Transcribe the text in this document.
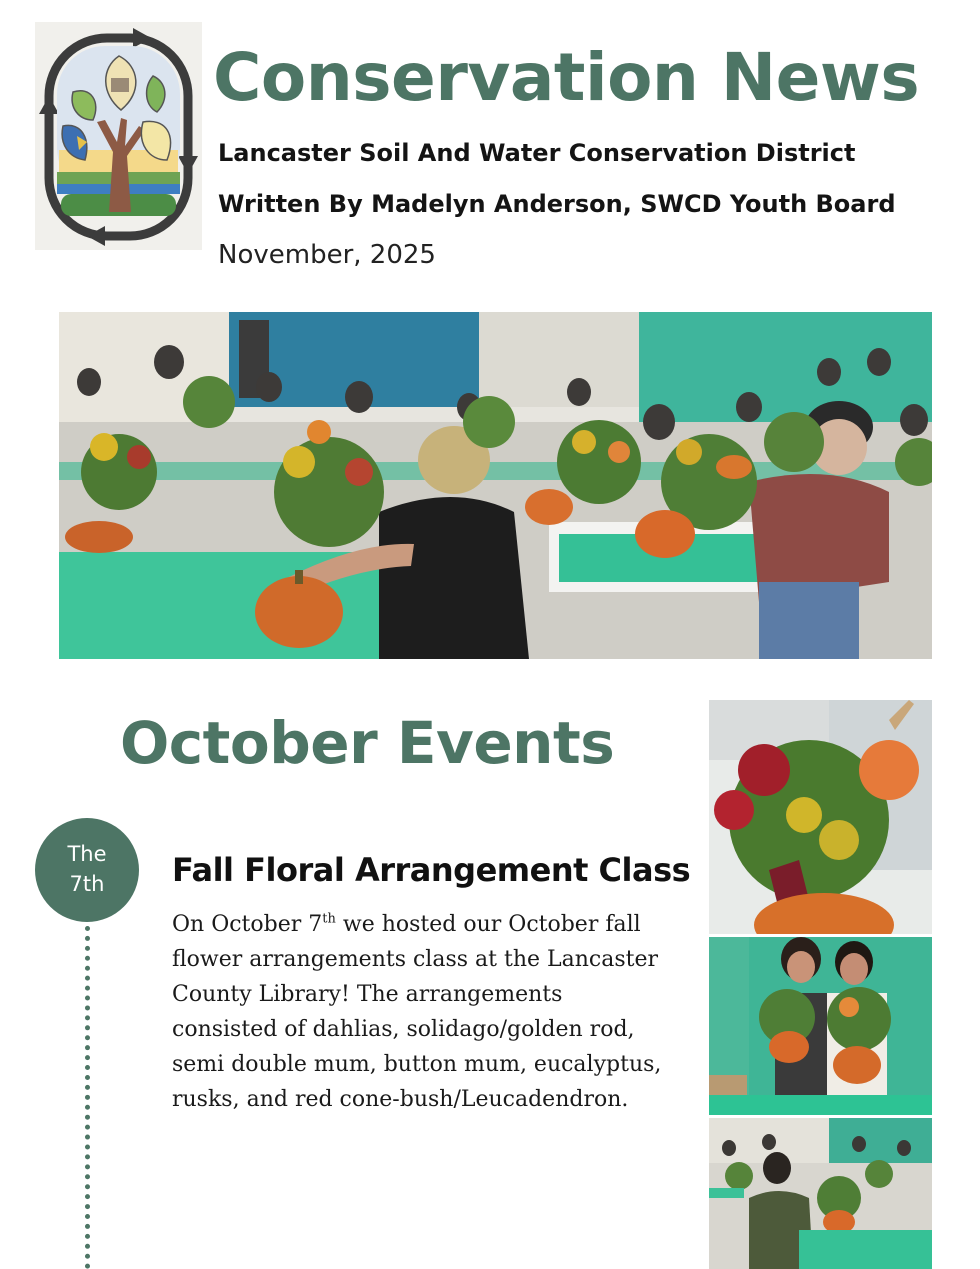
Conservation News

Lancaster Soil And Water Conservation District

Written By Madelyn Anderson, SWCD Youth Board

November, 2025

October Events
The
7th	Fall Floral Arrangement Class

On October 7th we hosted our October fall flower arrangements class at the Lancaster County Library! The arrangements consisted of dahlias, solidago/golden rod, semi double mum, button mum, eucalyptus, rusks, and red cone-bush/Leucadendron.
